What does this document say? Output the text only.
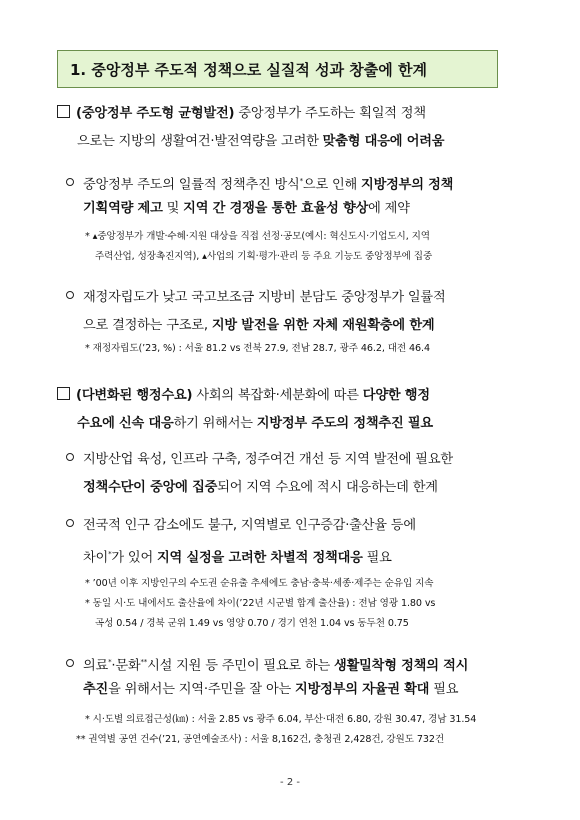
1. 중앙정부 주도적 정책으로 실질적 성과 창출에 한계
(중앙정부 주도형 균형발전) 중앙정부가 주도하는 획일적 정책
으로는 지방의 생활여건·발전역량을 고려한 맞춤형 대응에 어려움
중앙정부 주도의 일률적 정책추진 방식*으로 인해 지방정부의 정책
기획역량 제고 및 지역 간 경쟁을 통한 효율성 향상에 제약
* ▴중앙정부가 개발·수혜·지원 대상을 직접 선정·공모(예시: 혁신도시·기업도시, 지역
주력산업, 성장촉진지역), ▴사업의 기획·평가·관리 등 주요 기능도 중앙정부에 집중
재정자립도가 낮고 국고보조금 지방비 분담도 중앙정부가 일률적
으로 결정하는 구조로, 지방 발전을 위한 자체 재원확충에 한계
* 재정자립도(’23, %) : 서울 81.2 vs 전북 27.9, 전남 28.7, 광주 46.2, 대전 46.4
(다변화된 행정수요) 사회의 복잡화·세분화에 따른 다양한 행정
수요에 신속 대응하기 위해서는 지방정부 주도의 정책추진 필요
지방산업 육성, 인프라 구축, 정주여건 개선 등 지역 발전에 필요한
정책수단이 중앙에 집중되어 지역 수요에 적시 대응하는데 한계
전국적 인구 감소에도 불구, 지역별로 인구증감·출산율 등에
차이*가 있어 지역 실정을 고려한 차별적 정책대응 필요
* ’00년 이후 지방인구의 수도권 순유출 추세에도 충남·충북·세종·제주는 순유입 지속
* 동일 시·도 내에서도 출산율에 차이(’22년 시군별 합계 출산율) : 전남 영광 1.80 vs
곡성 0.54 / 경북 군위 1.49 vs 영양 0.70 / 경기 연천 1.04 vs 동두천 0.75
의료*·문화**시설 지원 등 주민이 필요로 하는 생활밀착형 정책의 적시
추진을 위해서는 지역·주민을 잘 아는 지방정부의 자율권 확대 필요
* 시·도별 의료접근성(㎞) : 서울 2.85 vs 광주 6.04, 부산·대전 6.80, 강원 30.47, 경남 31.54
** 권역별 공연 건수(’21, 공연예술조사) : 서울 8,162건, 충청권 2,428건, 강원도 732건
- 2 -
